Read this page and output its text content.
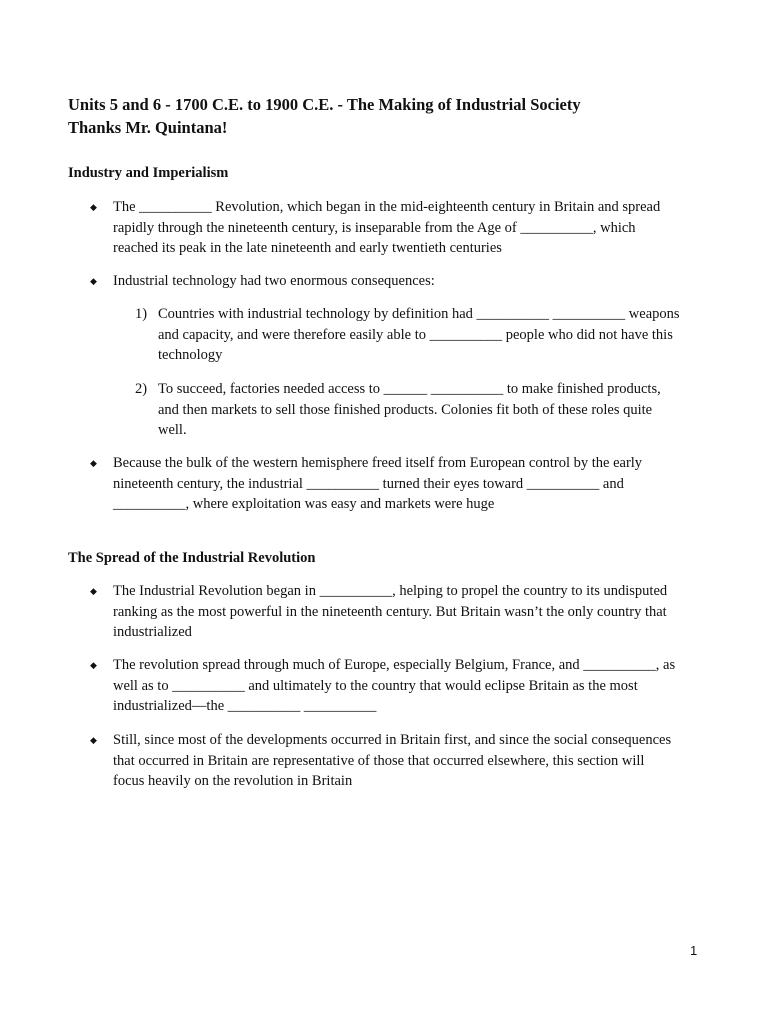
Units 5 and 6 - 1700 C.E. to 1900 C.E. - The Making of Industrial Society
Thanks Mr. Quintana!
Industry and Imperialism
◆ The __________ Revolution, which began in the mid-eighteenth century in Britain and spread
rapidly through the nineteenth century, is inseparable from the Age of __________, which
reached its peak in the late nineteenth and early twentieth centuries
◆ Industrial technology had two enormous consequences:
1) Countries with industrial technology by definition had __________ __________ weapons
and capacity, and were therefore easily able to __________ people who did not have this
technology
2) To succeed, factories needed access to ______ __________ to make finished products,
and then markets to sell those finished products. Colonies fit both of these roles quite
well.
◆ Because the bulk of the western hemisphere freed itself from European control by the early
nineteenth century, the industrial __________ turned their eyes toward __________ and
__________, where exploitation was easy and markets were huge
The Spread of the Industrial Revolution
◆ The Industrial Revolution began in __________, helping to propel the country to its undisputed
ranking as the most powerful in the nineteenth century. But Britain wasn’t the only country that
industrialized
◆ The revolution spread through much of Europe, especially Belgium, France, and __________, as
well as to __________ and ultimately to the country that would eclipse Britain as the most
industrialized—the __________ __________
◆ Still, since most of the developments occurred in Britain first, and since the social consequences
that occurred in Britain are representative of those that occurred elsewhere, this section will
focus heavily on the revolution in Britain
1
